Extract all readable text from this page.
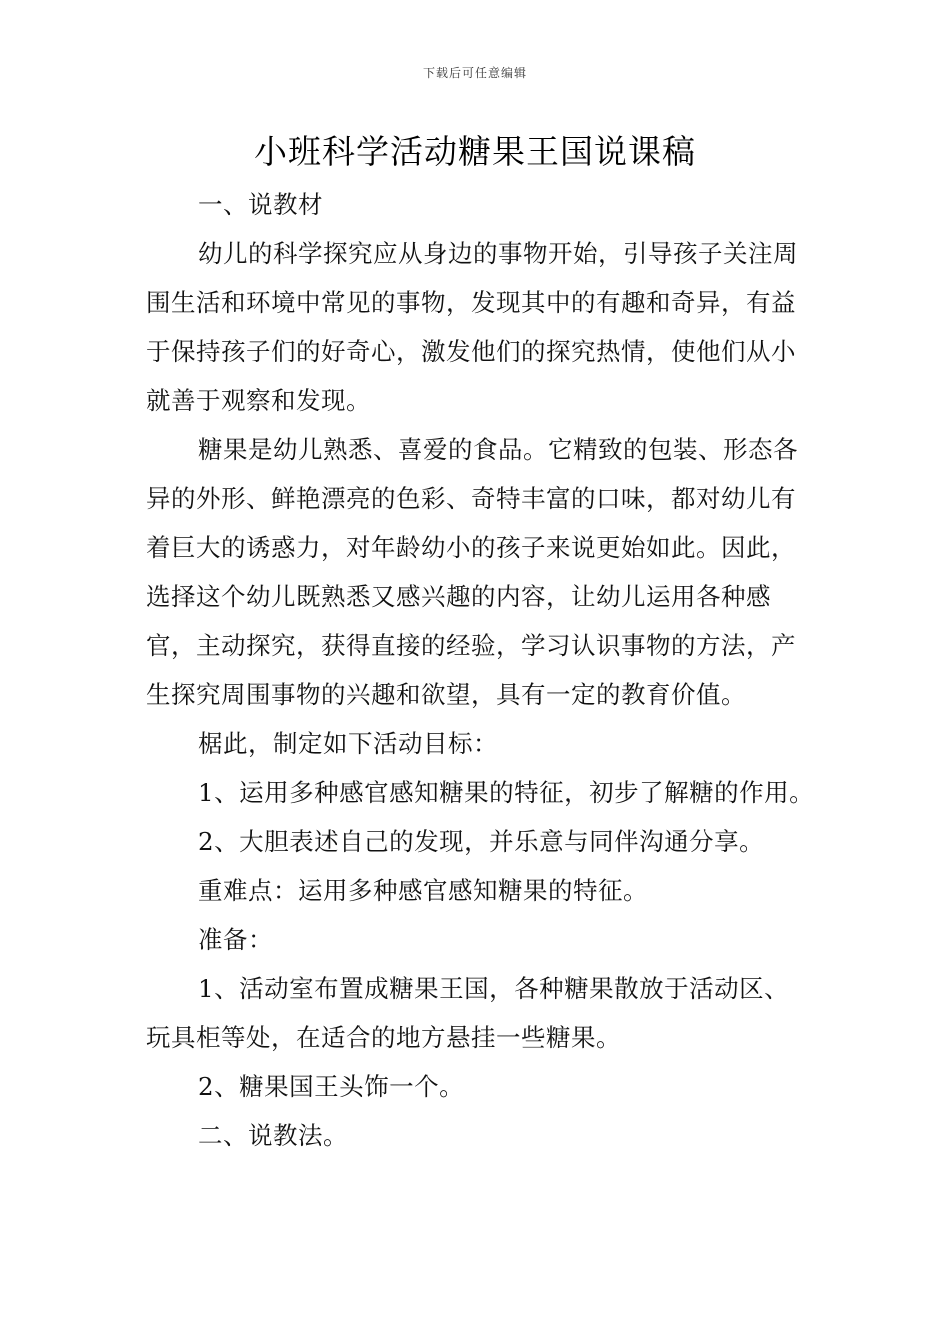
下载后可任意编辑
小班科学活动糖果王国说课稿

一、说教材

幼儿的科学探究应从身边的事物开始，引导孩子关注周围生活和环境中常见的事物，发现其中的有趣和奇异，有益于保持孩子们的好奇心，激发他们的探究热情，使他们从小就善于观察和发现。

糖果是幼儿熟悉、喜爱的食品。它精致的包装、形态各异的外形、鲜艳漂亮的色彩、奇特丰富的口味，都对幼儿有着巨大的诱惑力，对年龄幼小的孩子来说更始如此。因此，选择这个幼儿既熟悉又感兴趣的内容，让幼儿运用各种感官，主动探究，获得直接的经验，学习认识事物的方法，产生探究周围事物的兴趣和欲望，具有一定的教育价值。

椐此，制定如下活动目标：

1、运用多种感官感知糖果的特征，初步了解糖的作用。

2、大胆表述自己的发现，并乐意与同伴沟通分享。

重难点：运用多种感官感知糖果的特征。

准备：

1、活动室布置成糖果王国，各种糖果散放于活动区、玩具柜等处，在适合的地方悬挂一些糖果。

2、糖果国王头饰一个。

二、说教法。
